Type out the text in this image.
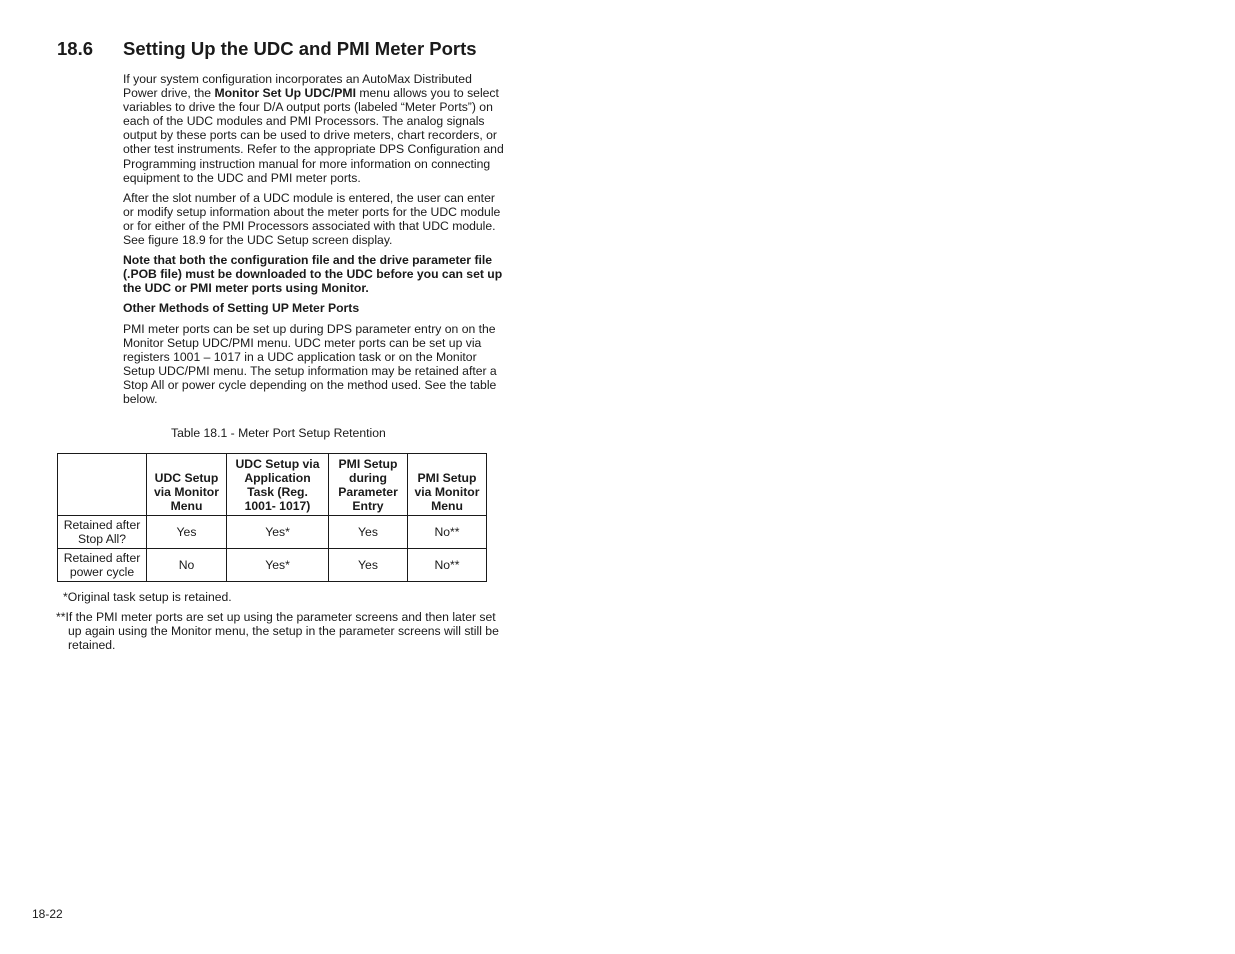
18.6 Setting Up the UDC and PMI Meter Ports

If your system configuration incorporates an AutoMax Distributed Power drive, the Monitor Set Up UDC/PMI menu allows you to select variables to drive the four D/A output ports (labeled “Meter Ports”) on each of the UDC modules and PMI Processors. The analog signals output by these ports can be used to drive meters, chart recorders, or other test instruments. Refer to the appropriate DPS Configuration and Programming instruction manual for more information on connecting equipment to the UDC and PMI meter ports.

After the slot number of a UDC module is entered, the user can enter or modify setup information about the meter ports for the UDC module or for either of the PMI Processors associated with that UDC module. See figure 18.9 for the UDC Setup screen display.

Note that both the configuration file and the drive parameter file (.POB file) must be downloaded to the UDC before you can set up the UDC or PMI meter ports using Monitor.

Other Methods of Setting UP Meter Ports

PMI meter ports can be set up during DPS parameter entry on on the Monitor Setup UDC/PMI menu. UDC meter ports can be set up via registers 1001 – 1017 in a UDC application task or on the Monitor Setup UDC/PMI menu. The setup information may be retained after a Stop All or power cycle depending on the method used. See the table below.

Table 18.1 - Meter Port Setup Retention
	UDC Setup via Monitor Menu	UDC Setup via Application Task (Reg. 1001- 1017)	PMI Setup during Parameter Entry	PMI Setup via Monitor Menu
Retained after Stop All?	Yes	Yes*	Yes	No**
Retained after power cycle	No	Yes*	Yes	No**
*Original task setup is retained.
**If the PMI meter ports are set up using the parameter screens and then later set up again using the Monitor menu, the setup in the parameter screens will still be retained.
18-22
